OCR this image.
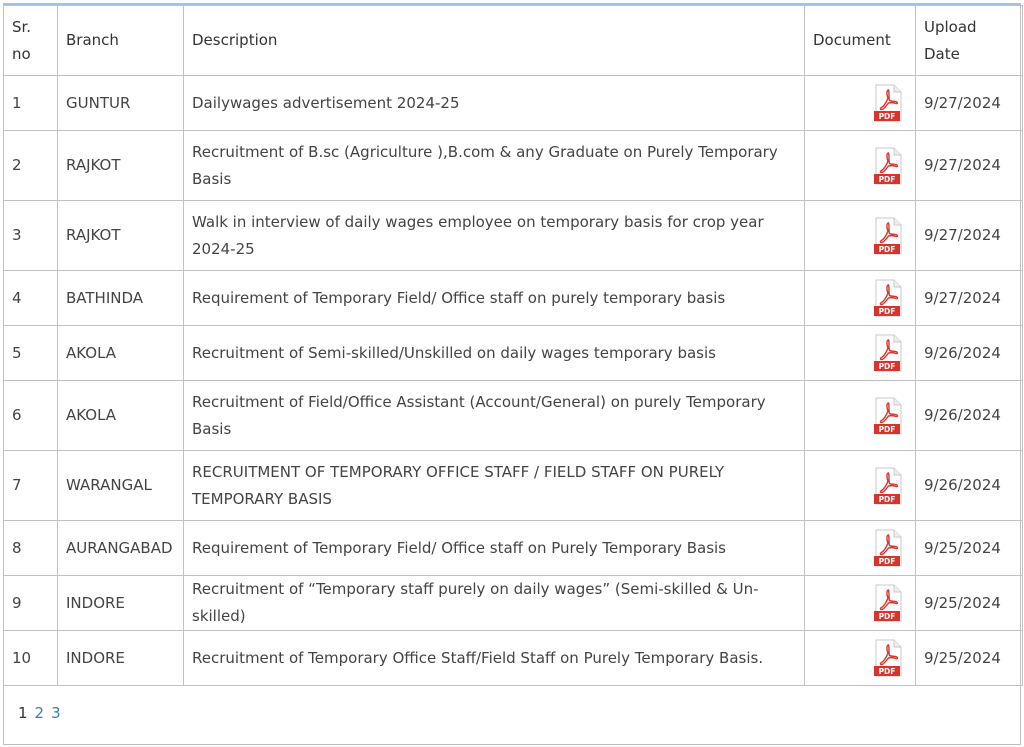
Sr. no	Branch	Description	Document	Upload Date
1	GUNTUR	Dailywages advertisement 2024-25	PDF	9/27/2024
2	RAJKOT	Recruitment of B.sc (Agriculture ),B.com & any Graduate on Purely Temporary Basis	PDF	9/27/2024
3	RAJKOT	Walk in interview of daily wages employee on temporary basis for crop year 2024-25	PDF	9/27/2024
4	BATHINDA	Requirement of Temporary Field/ Office staff on purely temporary basis	PDF	9/27/2024
5	AKOLA	Recruitment of Semi-skilled/Unskilled on daily wages temporary basis	PDF	9/26/2024
6	AKOLA	Recruitment of Field/Office Assistant (Account/General) on purely Temporary Basis	PDF	9/26/2024
7	WARANGAL	RECRUITMENT OF TEMPORARY OFFICE STAFF / FIELD STAFF ON PURELY TEMPORARY BASIS	PDF	9/26/2024
8	AURANGABAD	Requirement of Temporary Field/ Office staff on Purely Temporary Basis	PDF	9/25/2024
9	INDORE	Recruitment of “Temporary staff purely on daily wages” (Semi-skilled & Un-skilled)	PDF	9/25/2024
10	INDORE	Recruitment of Temporary Office Staff/Field Staff on Purely Temporary Basis.	PDF	9/25/2024
1 2 3
